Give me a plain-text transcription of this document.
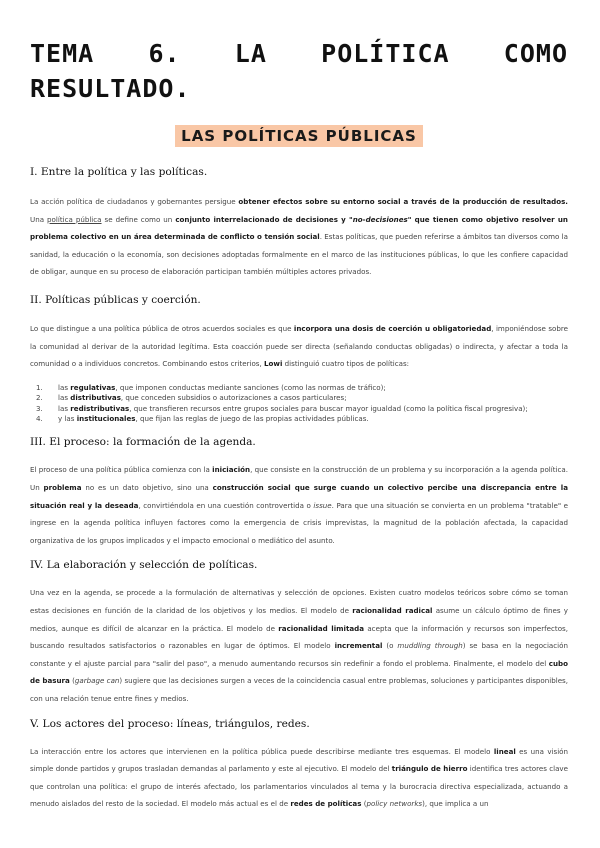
TEMA 6. LA POLÍTICA COMO RESULTADO.
LAS POLÍTICAS PÚBLICAS
I. Entre la política y las políticas.

La acción política de ciudadanos y gobernantes persigue obtener efectos sobre su entorno social a través de la producción de resultados. Una política pública se define como un conjunto interrelacionado de decisiones y "no-decisiones" que tienen como objetivo resolver un problema colectivo en un área determinada de conflicto o tensión social. Estas políticas, que pueden referirse a ámbitos tan diversos como la sanidad, la educación o la economía, son decisiones adoptadas formalmente en el marco de las instituciones públicas, lo que les confiere capacidad de obligar, aunque en su proceso de elaboración participan también múltiples actores privados.

II. Políticas públicas y coerción.

Lo que distingue a una política pública de otros acuerdos sociales es que incorpora una dosis de coerción u obligatoriedad, imponiéndose sobre la comunidad al derivar de la autoridad legítima. Esta coacción puede ser directa (señalando conductas obligadas) o indirecta, y afectar a toda la comunidad o a individuos concretos. Combinando estos criterios, Lowi distinguió cuatro tipos de políticas:

1.	las regulativas, que imponen conductas mediante sanciones (como las normas de tráfico);
2.	las distributivas, que conceden subsidios o autorizaciones a casos particulares;
3.	las redistributivas, que transfieren recursos entre grupos sociales para buscar mayor igualdad (como la política fiscal progresiva);
4.	y las institucionales, que fijan las reglas de juego de las propias actividades públicas.
III. El proceso: la formación de la agenda.

El proceso de una política pública comienza con la iniciación, que consiste en la construcción de un problema y su incorporación a la agenda política. Un problema no es un dato objetivo, sino una construcción social que surge cuando un colectivo percibe una discrepancia entre la situación real y la deseada, convirtiéndola en una cuestión controvertida o issue. Para que una situación se convierta en un problema "tratable" e ingrese en la agenda política influyen factores como la emergencia de crisis imprevistas, la magnitud de la población afectada, la capacidad organizativa de los grupos implicados y el impacto emocional o mediático del asunto.

IV. La elaboración y selección de políticas.

Una vez en la agenda, se procede a la formulación de alternativas y selección de opciones. Existen cuatro modelos teóricos sobre cómo se toman estas decisiones en función de la claridad de los objetivos y los medios. El modelo de racionalidad radical asume un cálculo óptimo de fines y medios, aunque es difícil de alcanzar en la práctica. El modelo de racionalidad limitada acepta que la información y recursos son imperfectos, buscando resultados satisfactorios o razonables en lugar de óptimos. El modelo incremental (o muddling through) se basa en la negociación constante y el ajuste parcial para "salir del paso", a menudo aumentando recursos sin redefinir a fondo el problema. Finalmente, el modelo del cubo de basura (garbage can) sugiere que las decisiones surgen a veces de la coincidencia casual entre problemas, soluciones y participantes disponibles, con una relación tenue entre fines y medios.

V. Los actores del proceso: líneas, triángulos, redes.

La interacción entre los actores que intervienen en la política pública puede describirse mediante tres esquemas. El modelo lineal es una visión simple donde partidos y grupos trasladan demandas al parlamento y este al ejecutivo. El modelo del triángulo de hierro identifica tres actores clave que controlan una política: el grupo de interés afectado, los parlamentarios vinculados al tema y la burocracia directiva especializada, actuando a menudo aislados del resto de la sociedad. El modelo más actual es el de redes de políticas (policy networks), que implica a un
